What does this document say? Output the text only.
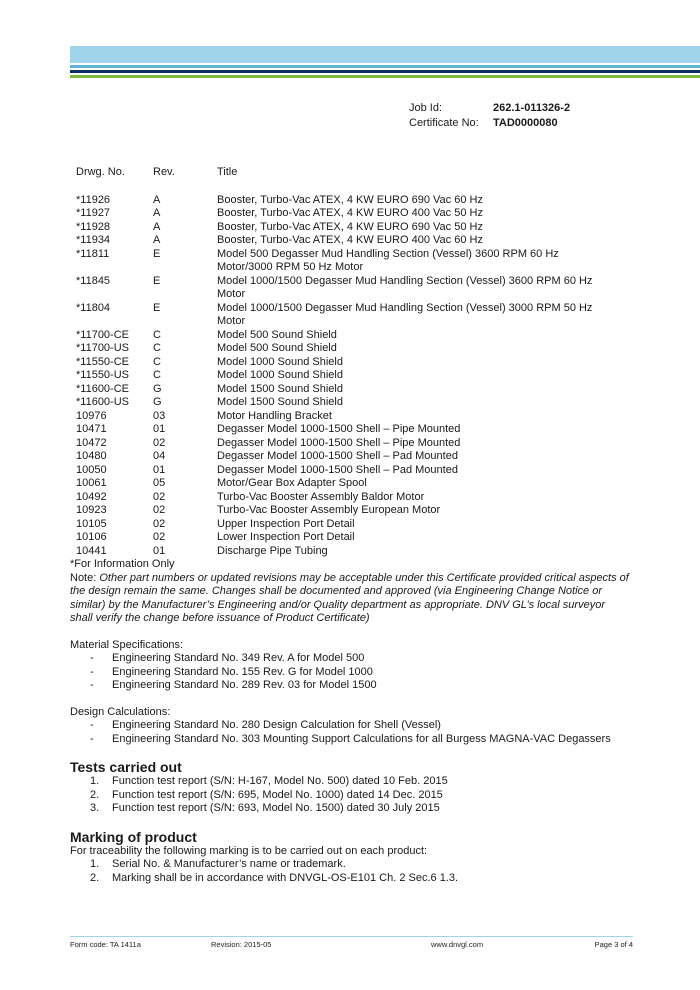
Job Id:	262.1-011326-2
Certificate No:	TAD0000080
Drwg. No.	Rev.	Title
*11926	A	Booster, Turbo-Vac ATEX, 4 KW EURO 690 Vac 60 Hz
*11927	A	Booster, Turbo-Vac ATEX, 4 KW EURO 400 Vac 50 Hz
*11928	A	Booster, Turbo-Vac ATEX, 4 KW EURO 690 Vac 50 Hz
*11934	A	Booster, Turbo-Vac ATEX, 4 KW EURO 400 Vac 60 Hz
*11811	E	Model 500 Degasser Mud Handling Section (Vessel) 3600 RPM 60 Hz Motor/3000 RPM 50 Hz Motor
*11845	E	Model 1000/1500 Degasser Mud Handling Section (Vessel) 3600 RPM 60 Hz Motor
*11804	E	Model 1000/1500 Degasser Mud Handling Section (Vessel) 3000 RPM 50 Hz Motor
*11700-CE	C	Model 500 Sound Shield
*11700-US	C	Model 500 Sound Shield
*11550-CE	C	Model 1000 Sound Shield
*11550-US	C	Model 1000 Sound Shield
*11600-CE	G	Model 1500 Sound Shield
*11600-US	G	Model 1500 Sound Shield
10976	03	Motor Handling Bracket
10471	01	Degasser Model 1000-1500 Shell – Pipe Mounted
10472	02	Degasser Model 1000-1500 Shell – Pipe Mounted
10480	04	Degasser Model 1000-1500 Shell – Pad Mounted
10050	01	Degasser Model 1000-1500 Shell – Pad Mounted
10061	05	Motor/Gear Box Adapter Spool
10492	02	Turbo-Vac Booster Assembly Baldor Motor
10923	02	Turbo-Vac Booster Assembly European Motor
10105	02	Upper Inspection Port Detail
10106	02	Lower Inspection Port Detail
10441	01	Discharge Pipe Tubing
*For Information Only

Note: Other part numbers or updated revisions may be acceptable under this Certificate provided critical aspects of the design remain the same. Changes shall be documented and approved (via Engineering Change Notice or similar) by the Manufacturer’s Engineering and/or Quality department as appropriate. DNV GL’s local surveyor shall verify the change before issuance of Product Certificate)

Material Specifications:
- Engineering Standard No. 349 Rev. A for Model 500
- Engineering Standard No. 155 Rev. G for Model 1000
- Engineering Standard No. 289 Rev. 03 for Model 1500
Design Calculations:
- Engineering Standard No. 280 Design Calculation for Shell (Vessel)
- Engineering Standard No. 303 Mounting Support Calculations for all Burgess MAGNA-VAC Degassers
Tests carried out
1. Function test report (S/N: H-167, Model No. 500) dated 10 Feb. 2015
2. Function test report (S/N: 695, Model No. 1000) dated 14 Dec. 2015
3. Function test report (S/N: 693, Model No. 1500) dated 30 July 2015
Marking of product
For traceability the following marking is to be carried out on each product:
1. Serial No. & Manufacturer’s name or trademark.
2. Marking shall be in accordance with DNVGL-OS-E101 Ch. 2 Sec.6 1.3.
Form code: TA 1411a	Revision: 2015-05	www.dnvgl.com	Page 3 of 4
